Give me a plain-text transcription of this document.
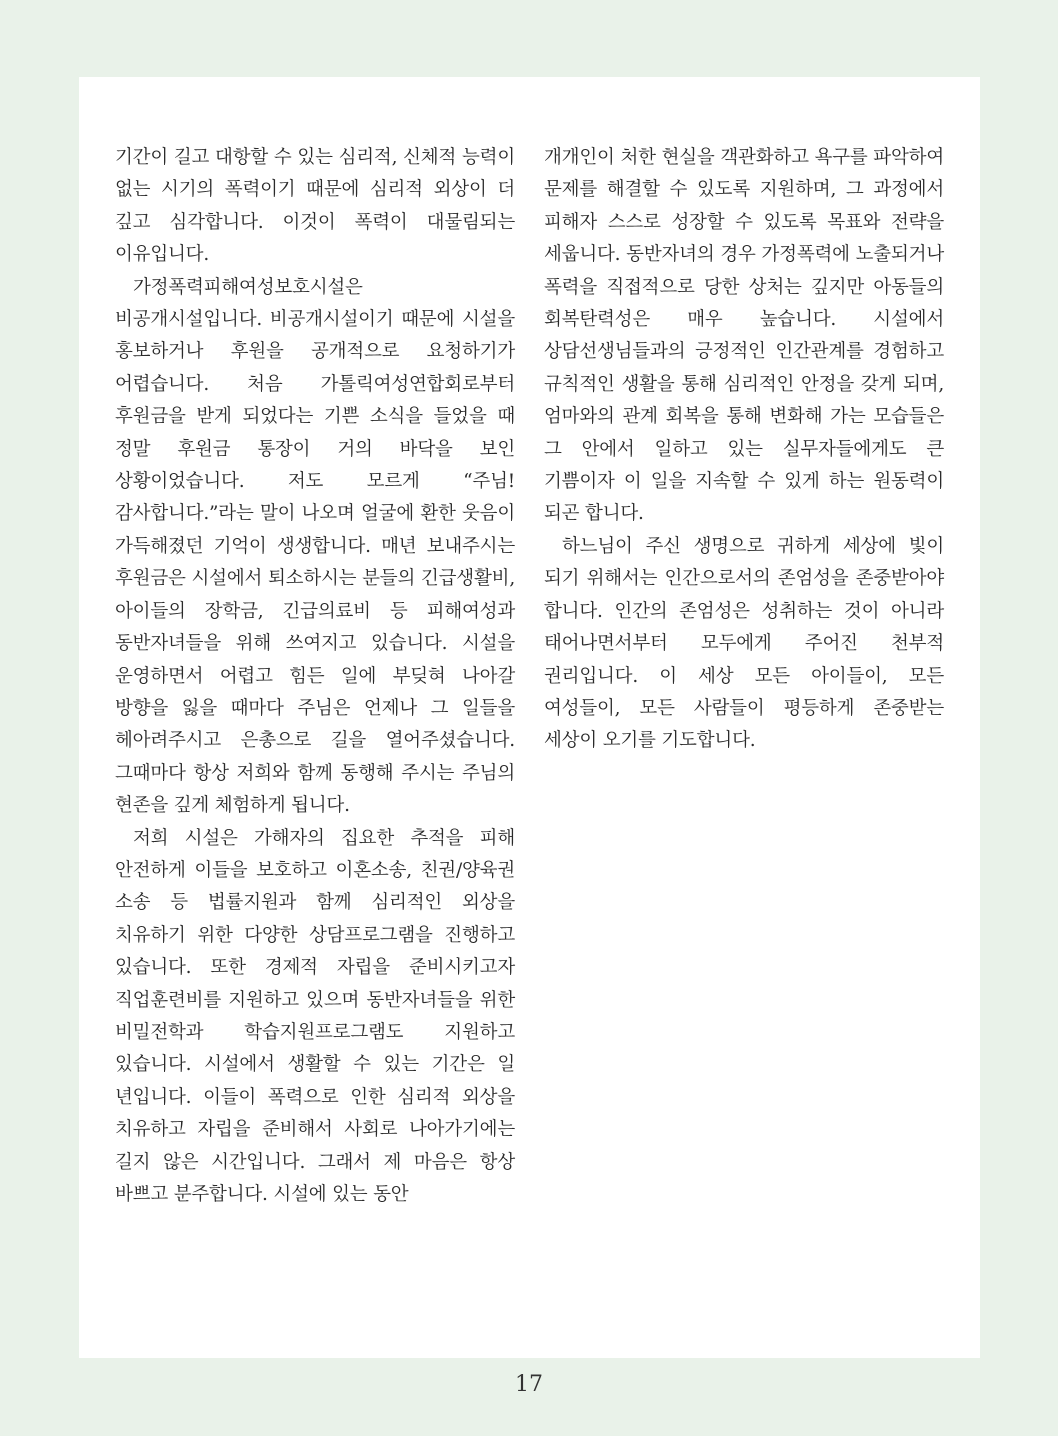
기간이 길고 대항할 수 있는 심리적, 신체적 능력이 없는 시기의 폭력이기 때문에 심리적 외상이 더 깊고 심각합니다. 이것이 폭력이 대물림되는 이유입니다.

가정폭력피해여성보호시설은 비공개시설입니다. 비공개시설이기 때문에 시설을 홍보하거나 후원을 공개적으로 요청하기가 어렵습니다. 처음 가톨릭여성연합회로부터 후원금을 받게 되었다는 기쁜 소식을 들었을 때 정말 후원금 통장이 거의 바닥을 보인 상황이었습니다. 저도 모르게 “주님! 감사합니다.”라는 말이 나오며 얼굴에 환한 웃음이 가득해졌던 기억이 생생합니다. 매년 보내주시는 후원금은 시설에서 퇴소하시는 분들의 긴급생활비, 아이들의 장학금, 긴급의료비 등 피해여성과 동반자녀들을 위해 쓰여지고 있습니다. 시설을 운영하면서 어렵고 힘든 일에 부딪혀 나아갈 방향을 잃을 때마다 주님은 언제나 그 일들을 헤아려주시고 은총으로 길을 열어주셨습니다. 그때마다 항상 저희와 함께 동행해 주시는 주님의 현존을 깊게 체험하게 됩니다.

저희 시설은 가해자의 집요한 추적을 피해 안전하게 이들을 보호하고 이혼소송, 친권/양육권 소송 등 법률지원과 함께 심리적인 외상을 치유하기 위한 다양한 상담프로그램을 진행하고 있습니다. 또한 경제적 자립을 준비시키고자 직업훈련비를 지원하고 있으며 동반자녀들을 위한 비밀전학과 학습지원프로그램도 지원하고 있습니다. 시설에서 생활할 수 있는 기간은 일 년입니다. 이들이 폭력으로 인한 심리적 외상을 치유하고 자립을 준비해서 사회로 나아가기에는 길지 않은 시간입니다. 그래서 제 마음은 항상 바쁘고 분주합니다. 시설에 있는 동안

개개인이 처한 현실을 객관화하고 욕구를 파악하여 문제를 해결할 수 있도록 지원하며, 그 과정에서 피해자 스스로 성장할 수 있도록 목표와 전략을 세웁니다. 동반자녀의 경우 가정폭력에 노출되거나 폭력을 직접적으로 당한 상처는 깊지만 아동들의 회복탄력성은 매우 높습니다. 시설에서 상담선생님들과의 긍정적인 인간관계를 경험하고 규칙적인 생활을 통해 심리적인 안정을 갖게 되며, 엄마와의 관계 회복을 통해 변화해 가는 모습들은 그 안에서 일하고 있는 실무자들에게도 큰 기쁨이자 이 일을 지속할 수 있게 하는 원동력이 되곤 합니다.

하느님이 주신 생명으로 귀하게 세상에 빛이 되기 위해서는 인간으로서의 존엄성을 존중받아야 합니다. 인간의 존엄성은 성취하는 것이 아니라 태어나면서부터 모두에게 주어진 천부적 권리입니다. 이 세상 모든 아이들이, 모든 여성들이, 모든 사람들이 평등하게 존중받는 세상이 오기를 기도합니다.

17
